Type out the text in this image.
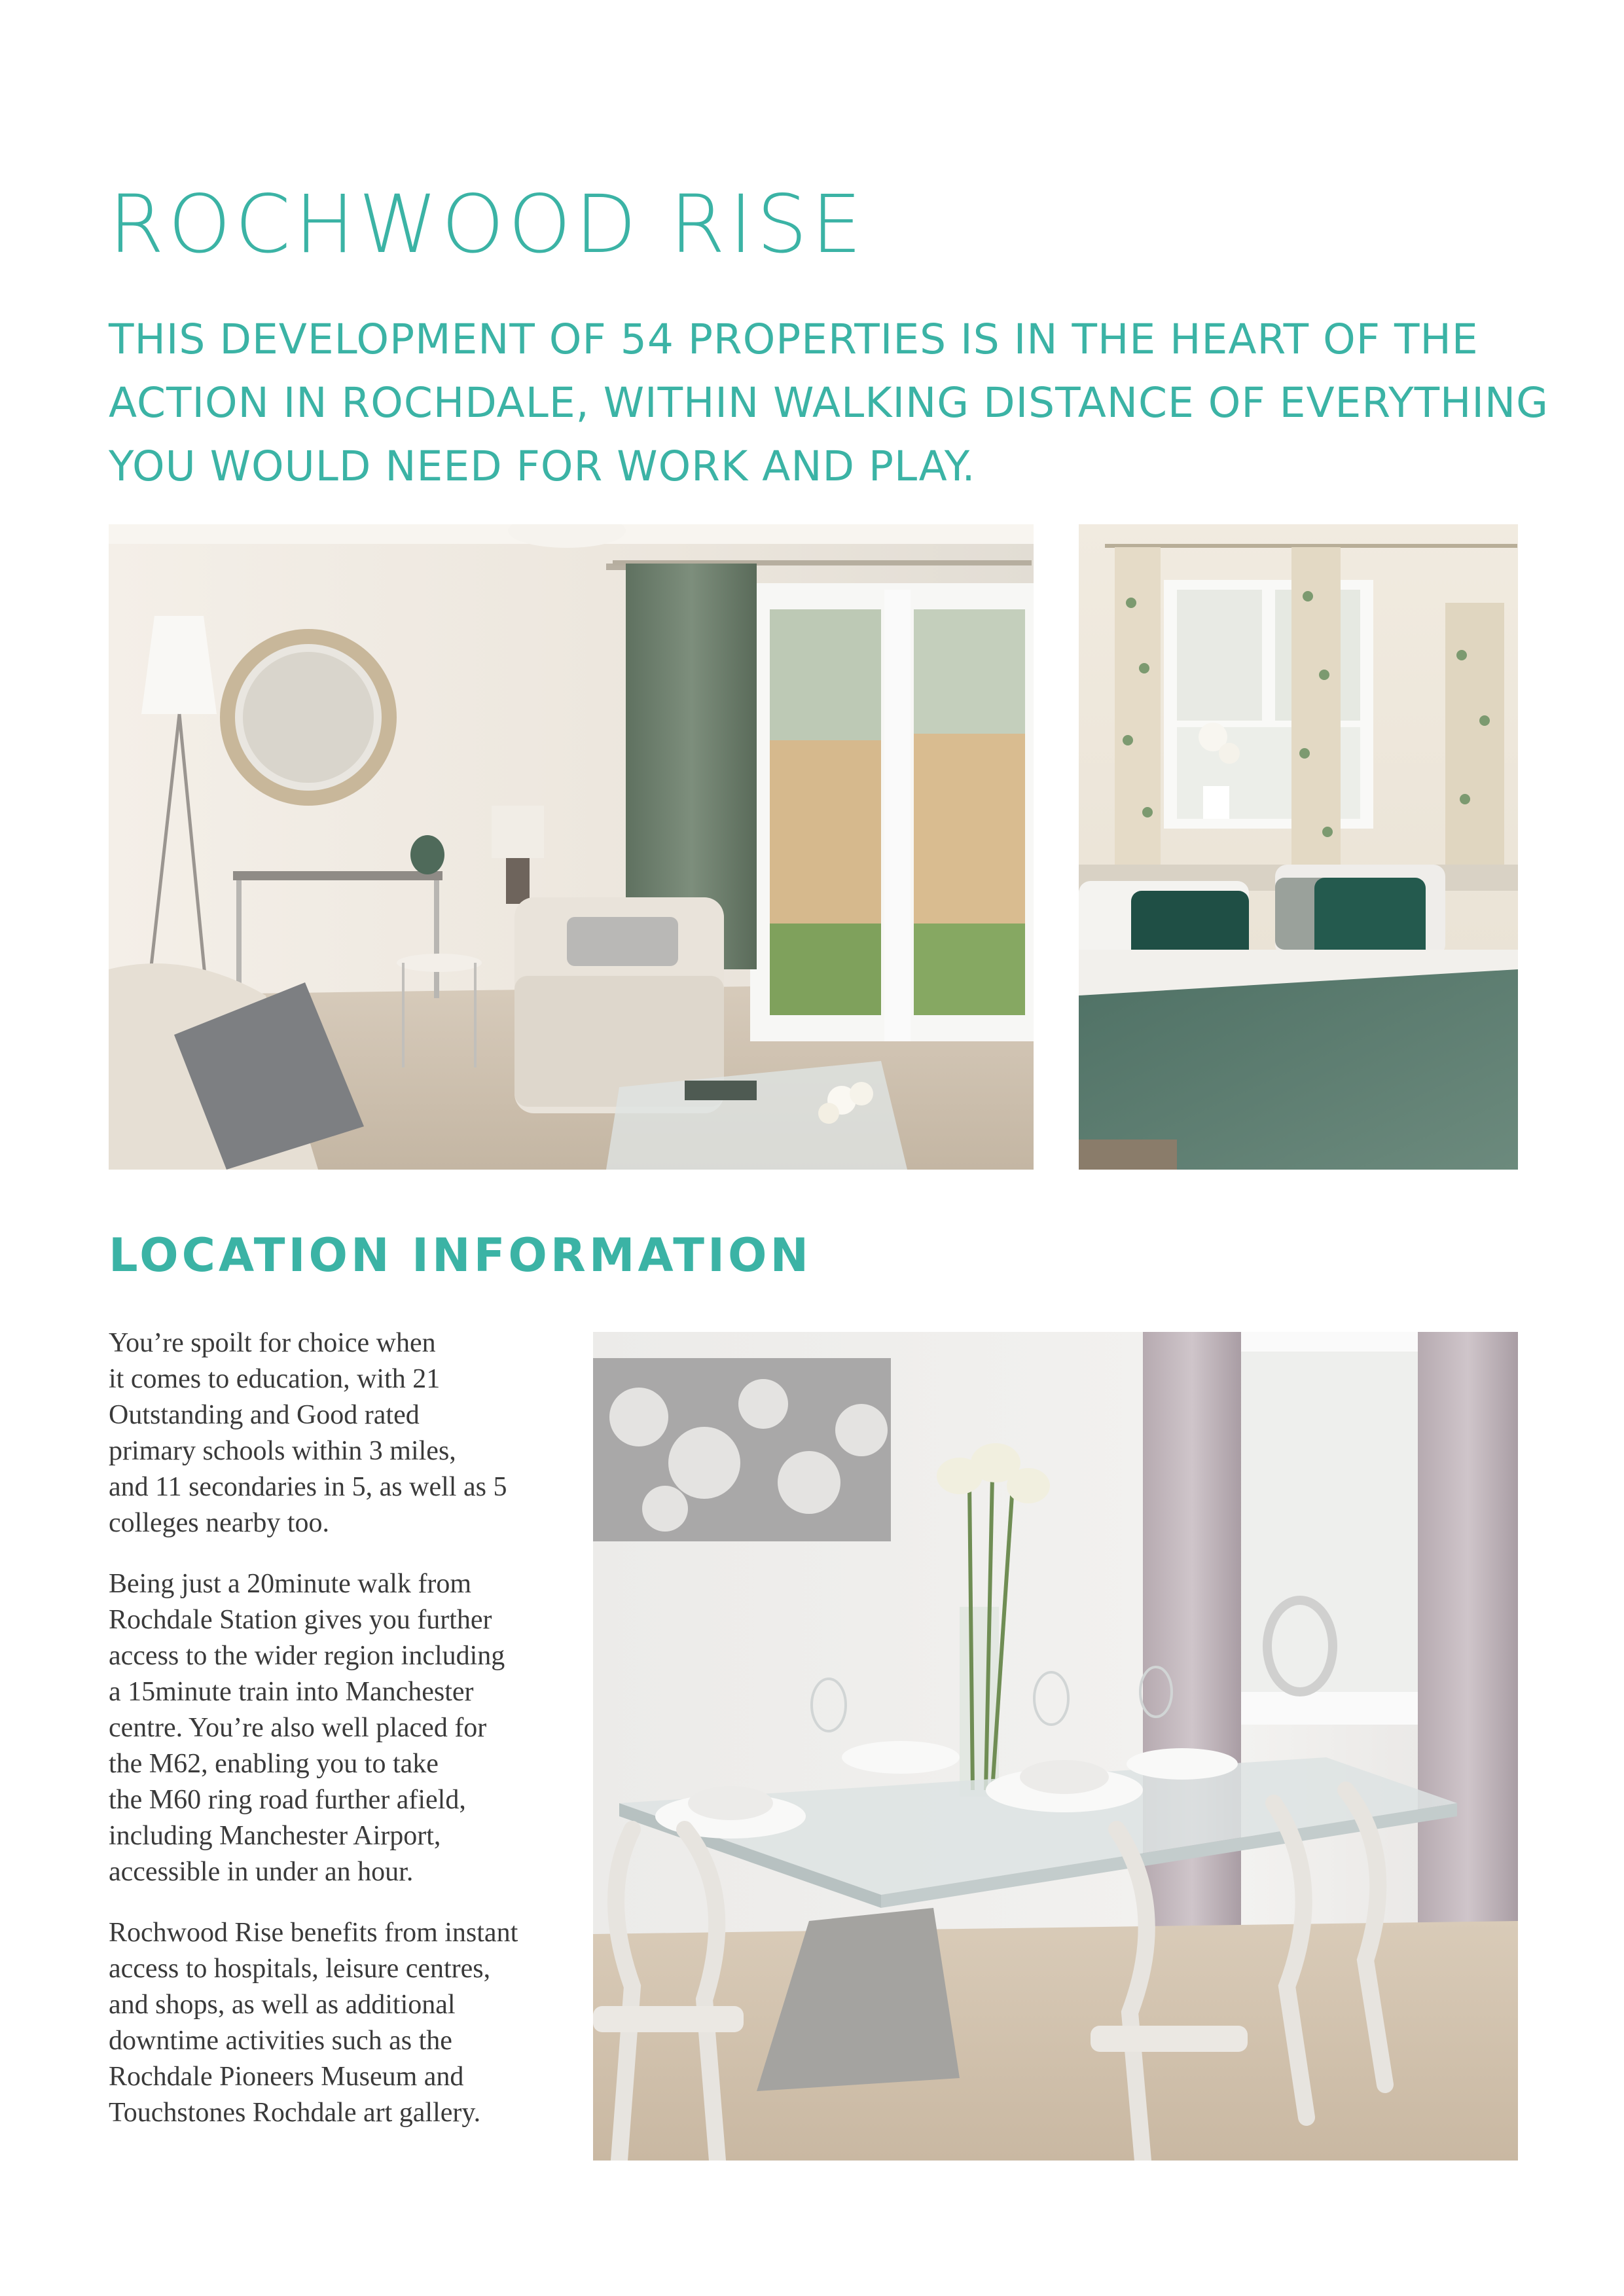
ROCHWOOD RISE
THIS DEVELOPMENT OF 54 PROPERTIES IS IN THE HEART OF THE
ACTION IN ROCHDALE, WITHIN WALKING DISTANCE OF EVERYTHING
YOU WOULD NEED FOR WORK AND PLAY.
LOCATION INFORMATION

You’re spoilt for choice when
it comes to education, with 21
Outstanding and Good rated
primary schools within 3 miles,
and 11 secondaries in 5, as well as 5
colleges nearby too.

Being just a 20minute walk from
Rochdale Station gives you further
access to the wider region including
a 15minute train into Manchester
centre. You’re also well placed for
the M62, enabling you to take
the M60 ring road further afield,
including Manchester Airport,
accessible in under an hour.

Rochwood Rise benefits from instant
access to hospitals, leisure centres,
and shops, as well as additional
downtime activities such as the
Rochdale Pioneers Museum and
Touchstones Rochdale art gallery.
